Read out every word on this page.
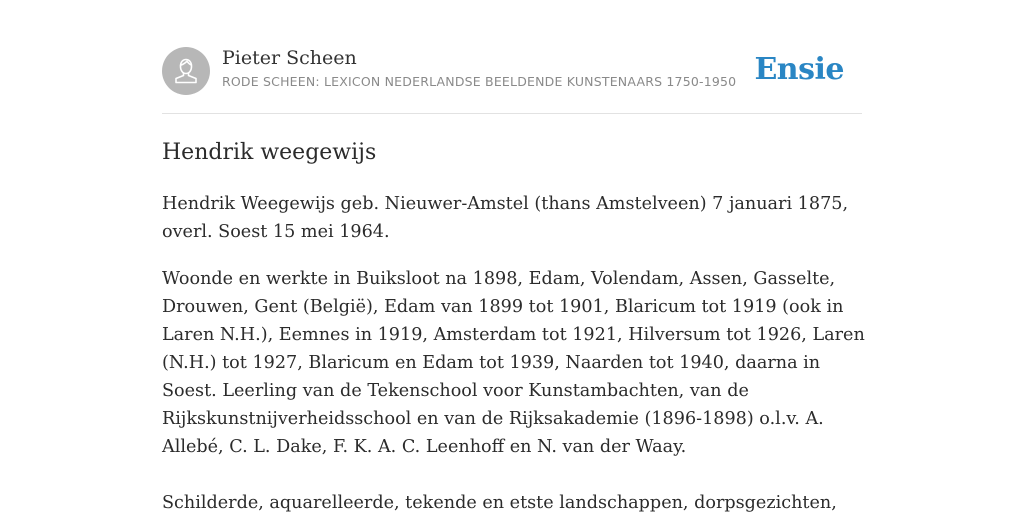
Pieter Scheen
RODE SCHEEN: LEXICON NEDERLANDSE BEELDENDE KUNSTENAARS 1750-1950 Ensie
Hendrik weegewijs

Hendrik Weegewijs geb. Nieuwer-Amstel (thans Amstelveen) 7 januari 1875, overl. Soest 15 mei 1964.

Woonde en werkte in Buiksloot na 1898, Edam, Volendam, Assen, Gasselte, Drouwen, Gent (België), Edam van 1899 tot 1901, Blaricum tot 1919 (ook in Laren N.H.), Eemnes in 1919, Amsterdam tot 1921, Hilversum tot 1926, Laren (N.H.) tot 1927, Blaricum en Edam tot 1939, Naarden tot 1940, daarna in Soest. Leerling van de Tekenschool voor Kunstambachten, van de Rijkskunstnijverheidsschool en van de Rijksakademie (1896-1898) o.l.v. A. Allebé, C. L. Dake, F. K. A. C. Leenhoff en N. van der Waay.

Schilderde, aquarelleerde, tekende en etste landschappen, dorpsgezichten,
